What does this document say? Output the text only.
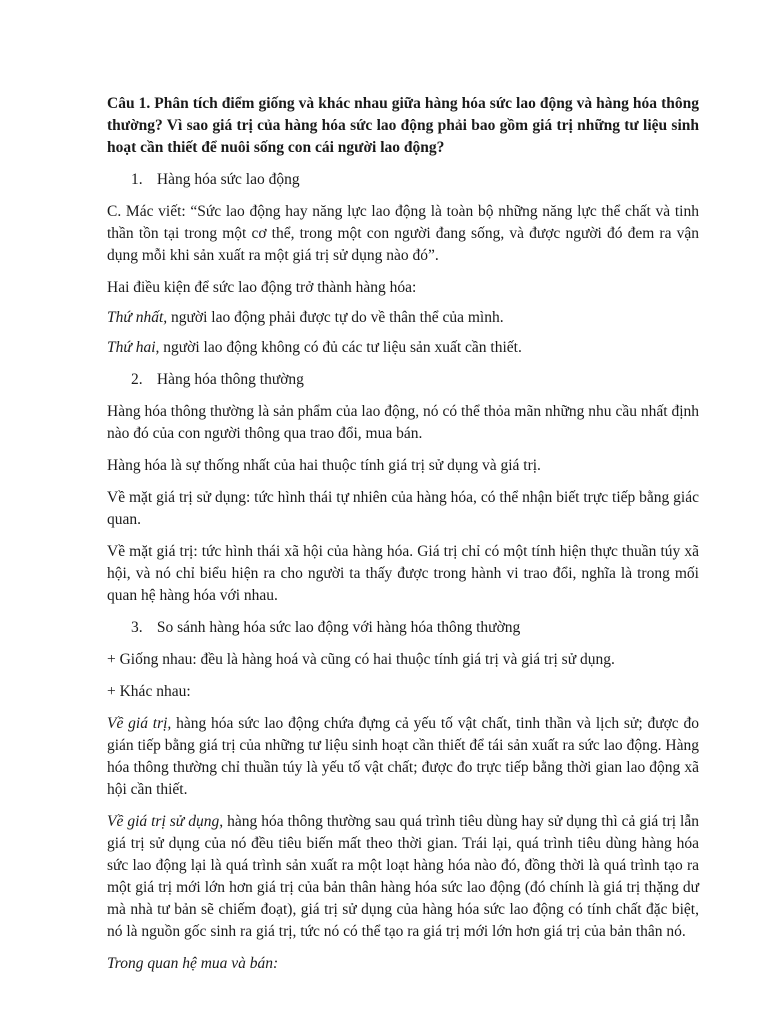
Câu 1. Phân tích điểm giống và khác nhau giữa hàng hóa sức lao động và hàng hóa thông thường? Vì sao giá trị của hàng hóa sức lao động phải bao gồm giá trị những tư liệu sinh hoạt cần thiết để nuôi sống con cái người lao động?

1. Hàng hóa sức lao động

C. Mác viết: “Sức lao động hay năng lực lao động là toàn bộ những năng lực thể chất và tinh thần tồn tại trong một cơ thể, trong một con người đang sống, và được người đó đem ra vận dụng mỗi khi sản xuất ra một giá trị sử dụng nào đó”.

Hai điều kiện để sức lao động trở thành hàng hóa:

Thứ nhất, người lao động phải được tự do về thân thể của mình.

Thứ hai, người lao động không có đủ các tư liệu sản xuất cần thiết.

2. Hàng hóa thông thường

Hàng hóa thông thường là sản phẩm của lao động, nó có thể thỏa mãn những nhu cầu nhất định nào đó của con người thông qua trao đổi, mua bán.

Hàng hóa là sự thống nhất của hai thuộc tính giá trị sử dụng và giá trị.

Về mặt giá trị sử dụng: tức hình thái tự nhiên của hàng hóa, có thể nhận biết trực tiếp bằng giác quan.

Về mặt giá trị: tức hình thái xã hội của hàng hóa. Giá trị chỉ có một tính hiện thực thuần túy xã hội, và nó chỉ biểu hiện ra cho người ta thấy được trong hành vi trao đổi, nghĩa là trong mối quan hệ hàng hóa với nhau.

3. So sánh hàng hóa sức lao động với hàng hóa thông thường

+ Giống nhau: đều là hàng hoá và cũng có hai thuộc tính giá trị và giá trị sử dụng.

+ Khác nhau:

Về giá trị, hàng hóa sức lao động chứa đựng cả yếu tố vật chất, tinh thần và lịch sử; được đo gián tiếp bằng giá trị của những tư liệu sinh hoạt cần thiết để tái sản xuất ra sức lao động. Hàng hóa thông thường chỉ thuần túy là yếu tố vật chất; được đo trực tiếp bằng thời gian lao động xã hội cần thiết.

Về giá trị sử dụng, hàng hóa thông thường sau quá trình tiêu dùng hay sử dụng thì cả giá trị lẫn giá trị sử dụng của nó đều tiêu biến mất theo thời gian. Trái lại, quá trình tiêu dùng hàng hóa sức lao động lại là quá trình sản xuất ra một loạt hàng hóa nào đó, đồng thời là quá trình tạo ra một giá trị mới lớn hơn giá trị của bản thân hàng hóa sức lao động (đó chính là giá trị thặng dư mà nhà tư bản sẽ chiếm đoạt), giá trị sử dụng của hàng hóa sức lao động có tính chất đặc biệt, nó là nguồn gốc sinh ra giá trị, tức nó có thể tạo ra giá trị mới lớn hơn giá trị của bản thân nó.

Trong quan hệ mua và bán:
